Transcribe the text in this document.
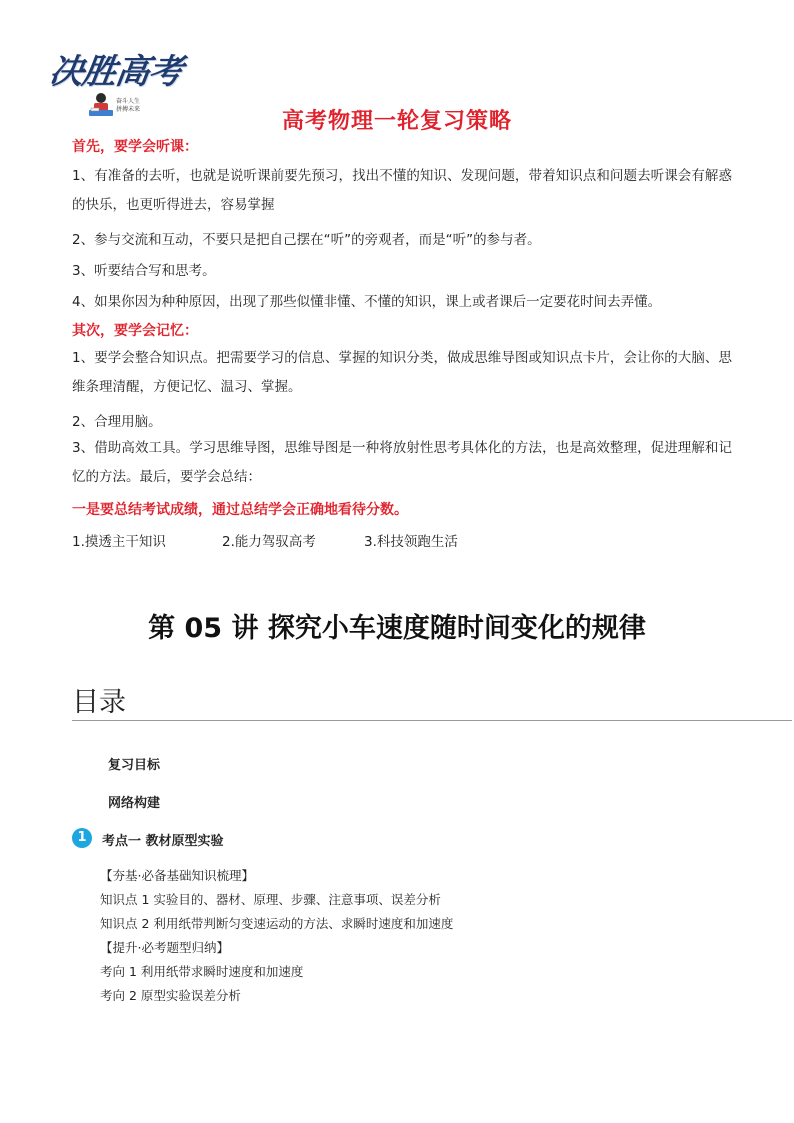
决胜高考
奋斗人生
拼搏未来	高考物理一轮复习策略
首先，要学会听课：
1、有准备的去听，也就是说听课前要先预习，找出不懂的知识、发现问题，带着知识点和问题去听课会有解惑的快乐，也更听得进去，容易掌握
2、参与交流和互动，不要只是把自己摆在“听”的旁观者，而是“听”的参与者。
3、听要结合写和思考。
4、如果你因为种种原因，出现了那些似懂非懂、不懂的知识，课上或者课后一定要花时间去弄懂。
其次，要学会记忆：
1、要学会整合知识点。把需要学习的信息、掌握的知识分类，做成思维导图或知识点卡片，会让你的大脑、思维条理清醒，方便记忆、温习、掌握。
2、合理用脑。
3、借助高效工具。学习思维导图，思维导图是一种将放射性思考具体化的方法，也是高效整理，促进理解和记忆的方法。最后，要学会总结：
一是要总结考试成绩，通过总结学会正确地看待分数。
1.摸透主干知识	2.能力驾驭高考	3.科技领跑生活
第 05 讲 探究小车速度随时间变化的规律
目录
复习目标
网络构建
1	考点一 教材原型实验
【夯基·必备基础知识梳理】
知识点 1 实验目的、器材、原理、步骤、注意事项、误差分析
知识点 2 利用纸带判断匀变速运动的方法、求瞬时速度和加速度
【提升·必考题型归纳】
考向 1 利用纸带求瞬时速度和加速度
考向 2 原型实验误差分析
